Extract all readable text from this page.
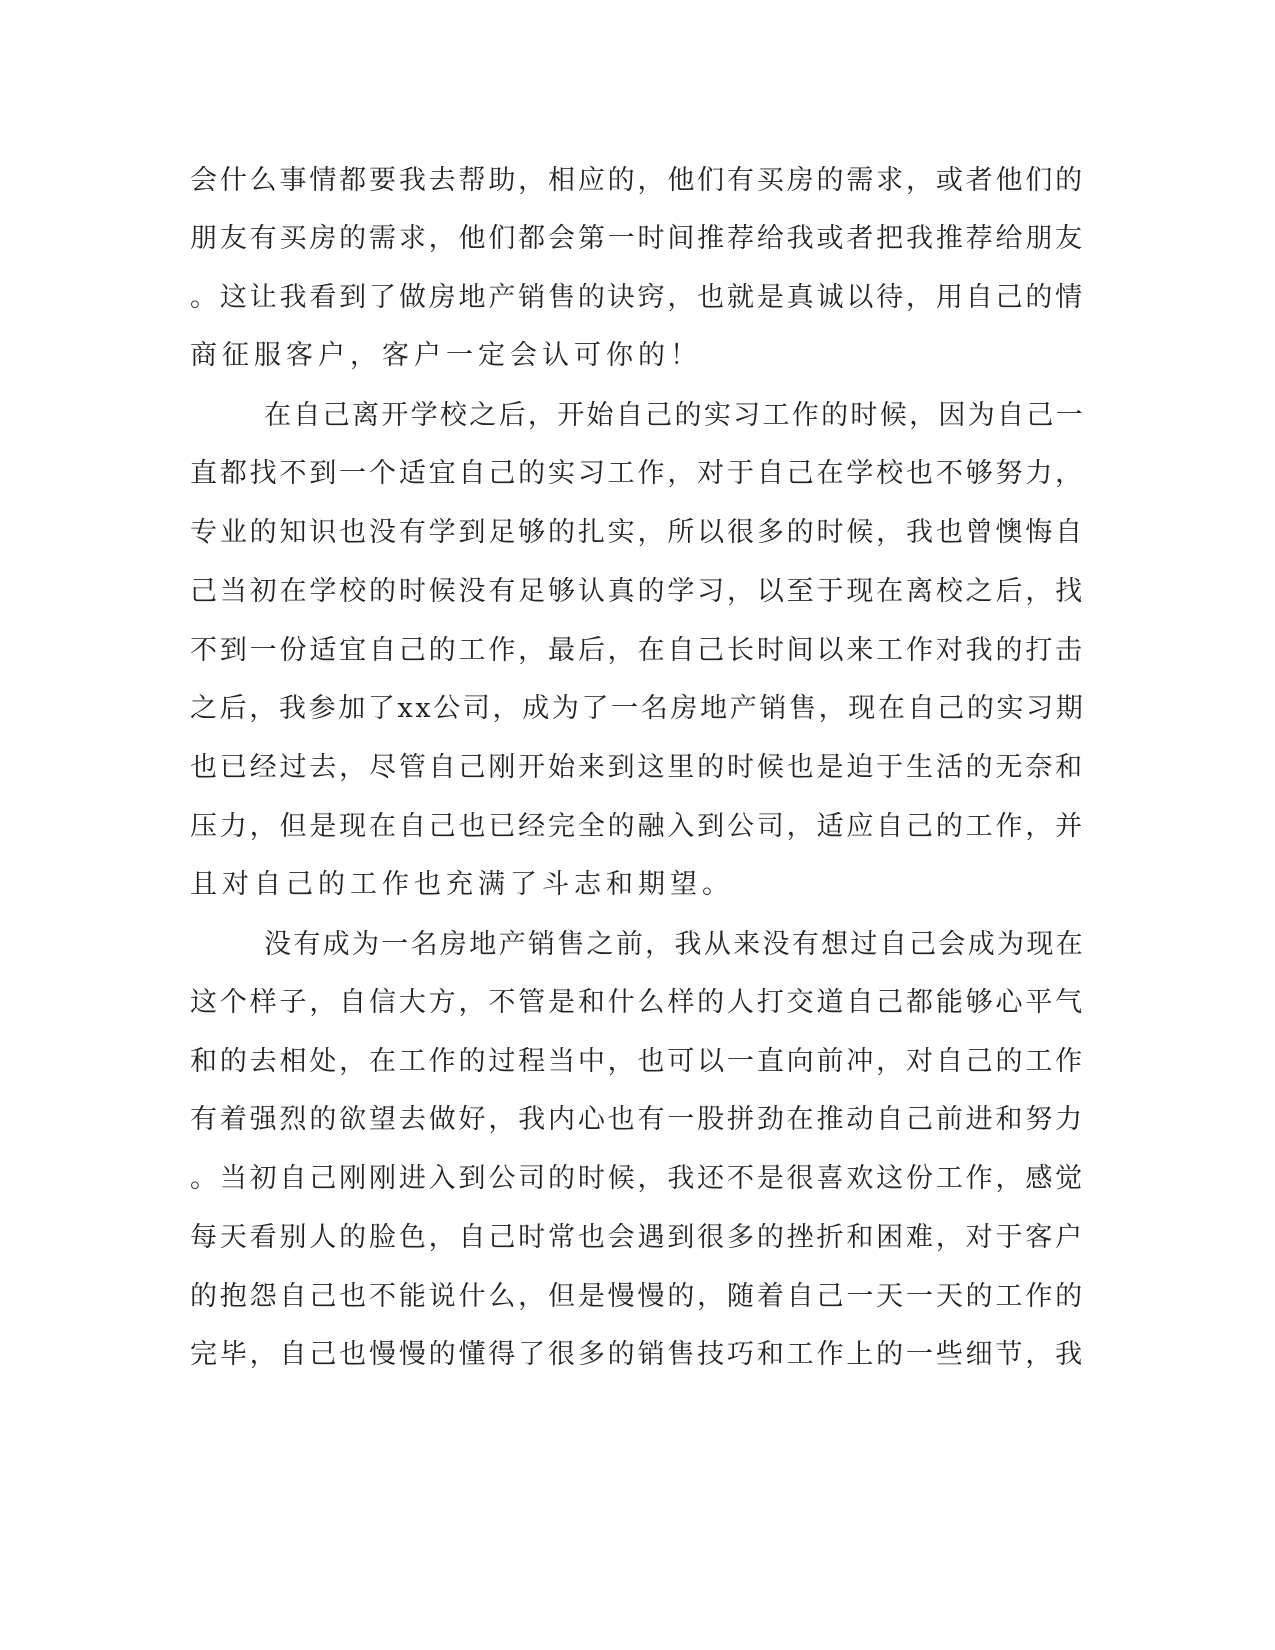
会什么事情都要我去帮助，相应的，他们有买房的需求，或者他们的
朋友有买房的需求，他们都会第一时间推荐给我或者把我推荐给朋友
。这让我看到了做房地产销售的诀窍，也就是真诚以待，用自己的情
商征服客户，客户一定会认可你的！
在自己离开学校之后，开始自己的实习工作的时候，因为自己一
直都找不到一个适宜自己的实习工作，对于自己在学校也不够努力，
专业的知识也没有学到足够的扎实，所以很多的时候，我也曾懊悔自
己当初在学校的时候没有足够认真的学习，以至于现在离校之后，找
不到一份适宜自己的工作，最后，在自己长时间以来工作对我的打击
之后，我参加了xx公司，成为了一名房地产销售，现在自己的实习期
也已经过去，尽管自己刚开始来到这里的时候也是迫于生活的无奈和
压力，但是现在自己也已经完全的融入到公司，适应自己的工作，并
且对自己的工作也充满了斗志和期望。
没有成为一名房地产销售之前，我从来没有想过自己会成为现在
这个样子，自信大方，不管是和什么样的人打交道自己都能够心平气
和的去相处，在工作的过程当中，也可以一直向前冲，对自己的工作
有着强烈的欲望去做好，我内心也有一股拼劲在推动自己前进和努力
。当初自己刚刚进入到公司的时候，我还不是很喜欢这份工作，感觉
每天看别人的脸色，自己时常也会遇到很多的挫折和困难，对于客户
的抱怨自己也不能说什么，但是慢慢的，随着自己一天一天的工作的
完毕，自己也慢慢的懂得了很多的销售技巧和工作上的一些细节，我
